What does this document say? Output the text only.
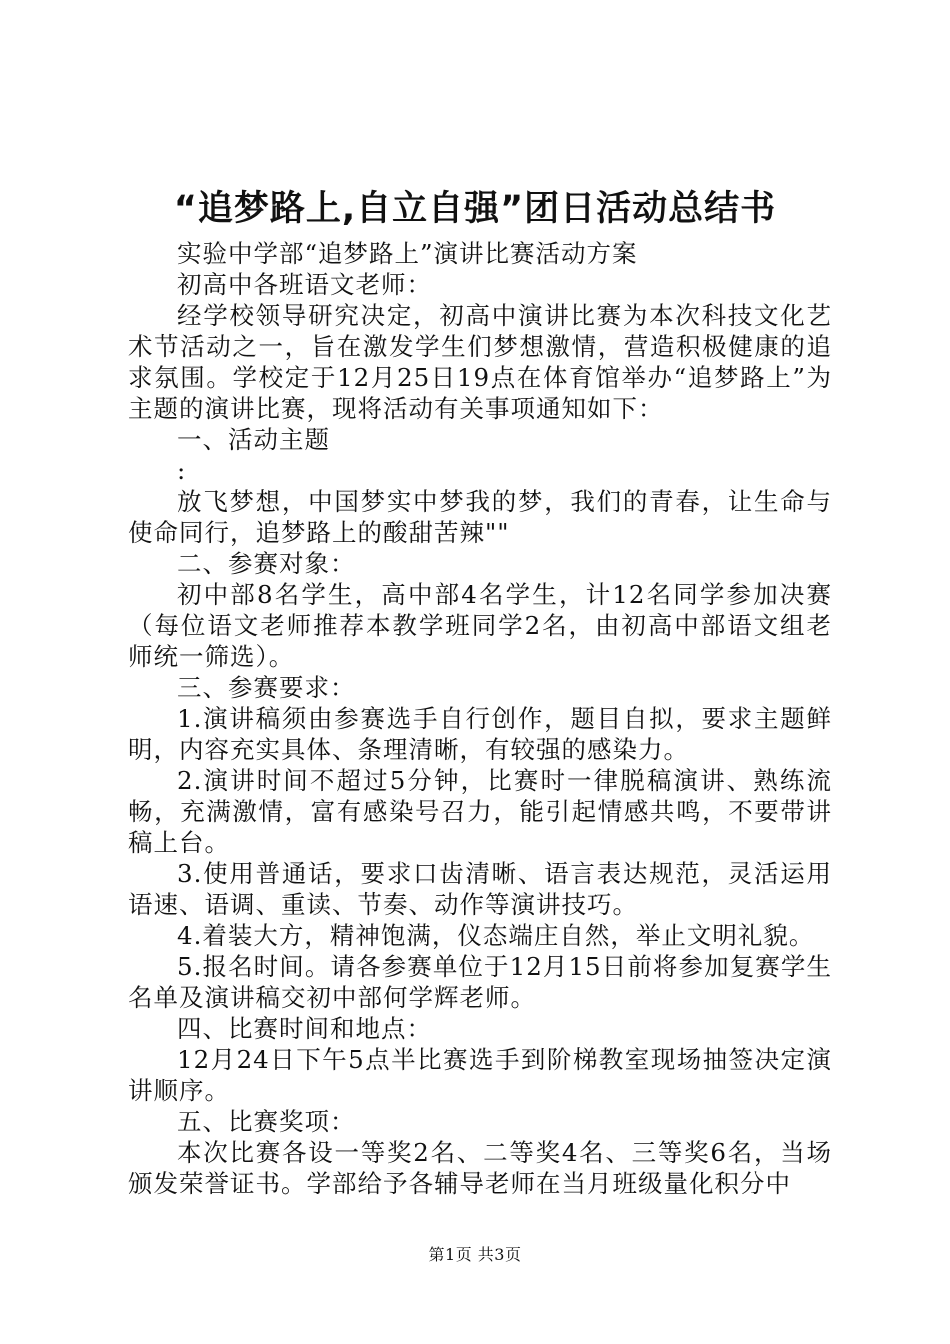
“追梦路上,自立自强”团日活动总结书

实验中学部“追梦路上”演讲比赛活动方案

初高中各班语文老师：

经学校领导研究决定，初高中演讲比赛为本次科技文化艺术节活动之一，旨在激发学生们梦想激情，营造积极健康的追求氛围。学校定于12月25日19点在体育馆举办“追梦路上”为主题的演讲比赛，现将活动有关事项通知如下：

一、活动主题

:

放飞梦想，中国梦实中梦我的梦，我们的青春，让生命与使命同行，追梦路上的酸甜苦辣""

二、参赛对象：

初中部8名学生，高中部4名学生，计12名同学参加决赛（每位语文老师推荐本教学班同学2名，由初高中部语文组老师统一筛选）。

三、参赛要求：

1.演讲稿须由参赛选手自行创作，题目自拟，要求主题鲜明，内容充实具体、条理清晰，有较强的感染力。

2.演讲时间不超过5分钟，比赛时一律脱稿演讲、熟练流畅，充满激情，富有感染号召力，能引起情感共鸣，不要带讲稿上台。

3.使用普通话，要求口齿清晰、语言表达规范，灵活运用语速、语调、重读、节奏、动作等演讲技巧。

4.着装大方，精神饱满，仪态端庄自然，举止文明礼貌。

5.报名时间。请各参赛单位于12月15日前将参加复赛学生名单及演讲稿交初中部何学辉老师。

四、比赛时间和地点：

12月24日下午5点半比赛选手到阶梯教室现场抽签决定演讲顺序。

五、比赛奖项：

本次比赛各设一等奖2名、二等奖4名、三等奖6名，当场颁发荣誉证书。学部给予各辅导老师在当月班级量化积分中

第1页 共3页
